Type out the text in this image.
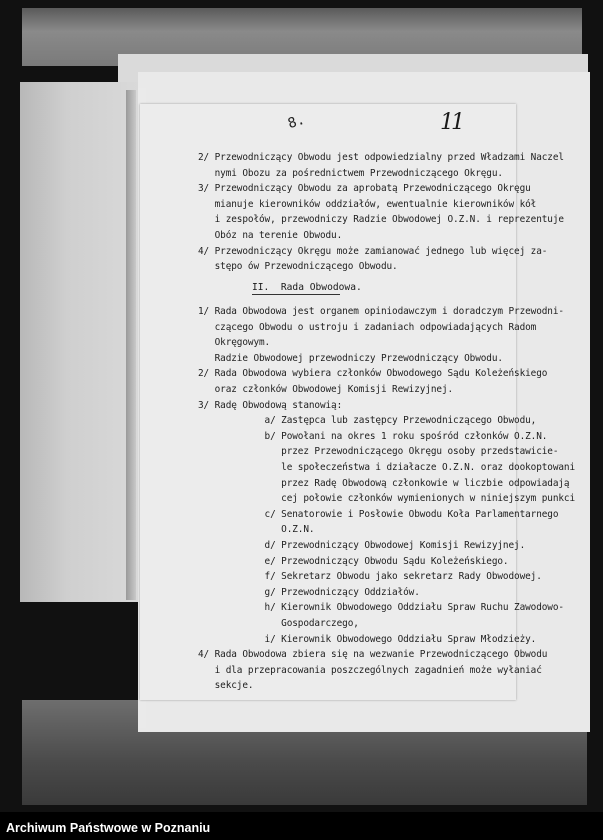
8.	11
II.  Rada Obwodowa.
2/ Przewodniczący Obwodu jest odpowiedzialny przed Władzami Naczel
nymi Obozu za pośrednictwem Przewodniczącego Okręgu.
3/ Przewodniczący Obwodu za aprobatą Przewodniczącego Okręgu
mianuje kierowników oddziałów, ewentualnie kierowników kół
i zespołów, przewodniczy Radzie Obwodowej O.Z.N. i reprezentuje
Obóz na terenie Obwodu.
4/ Przewodniczący Okręgu może zamianować jednego lub więcej za-
stępo ów Przewodniczącego Obwodu.
1/ Rada Obwodowa jest organem opiniodawczym i doradczym Przewodni-
czącego Obwodu o ustroju i zadaniach odpowiadających Radom
Okręgowym.
Radzie Obwodowej przewodniczy Przewodniczący Obwodu.
2/ Rada Obwodowa wybiera członków Obwodowego Sądu Koleżeńskiego
oraz członków Obwodowej Komisji Rewizyjnej.
3/ Radę Obwodową stanowią:
a/ Zastępca lub zastępcy Przewodniczącego Obwodu,
b/ Powołani na okres 1 roku spośród członków O.Z.N.
przez Przewodniczącego Okręgu osoby przedstawicie-
le społeczeństwa i działacze O.Z.N. oraz dookoptowani
przez Radę Obwodową członkowie w liczbie odpowiadają
cej połowie członków wymienionych w niniejszym punkci
c/ Senatorowie i Posłowie Obwodu Koła Parlamentarnego
O.Z.N.
d/ Przewodniczący Obwodowej Komisji Rewizyjnej.
e/ Przewodniczący Obwodu Sądu Koleżeńskiego.
f/ Sekretarz Obwodu jako sekretarz Rady Obwodowej.
g/ Przewodniczący Oddziałów.
h/ Kierownik Obwodowego Oddziału Spraw Ruchu Zawodowo-
Gospodarczego,
i/ Kierownik Obwodowego Oddziału Spraw Młodzieży.
4/ Rada Obwodowa zbiera się na wezwanie Przewodniczącego Obwodu
i dla przepracowania poszczególnych zagadnień może wyłaniać
sekcje.
Archiwum Państwowe w Poznaniu
